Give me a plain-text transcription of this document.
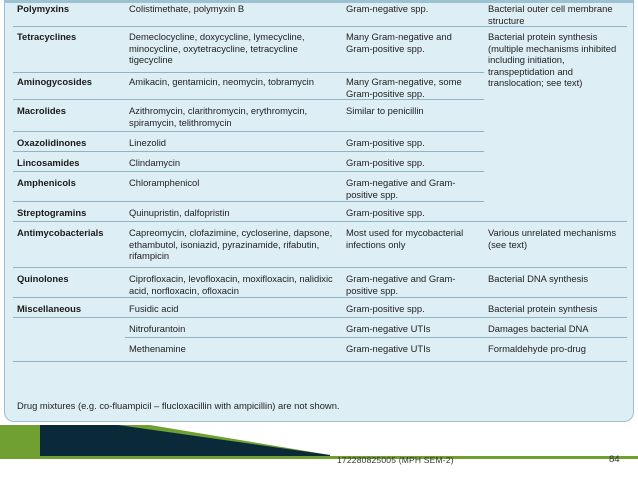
Polymyxins	Colistimethate, polymyxin B	Gram-negative spp.	Bacterial outer cell membrane structure
Tetracyclines	Demeclocycline, doxycycline, lymecycline, minocycline, oxytetracycline, tetracycline tigecycline	Many Gram-negative and Gram-positive spp.	Bacterial protein synthesis (multiple mechanisms inhibited including initiation, transpeptidation and translocation; see text)
Aminogycosides	Amikacin, gentamicin, neomycin, tobramycin	Many Gram-negative, some Gram-positive spp.	
Macrolides	Azithromycin, clarithromycin, erythromycin, spiramycin, telithromycin	Similar to penicillin	
Oxazolidinones	Linezolid	Gram-positive spp.	
Lincosamides	Clindamycin	Gram-positive spp.	
Amphenicols	Chloramphenicol	Gram-negative and Gram-positive spp.	
Streptogramins	Quinupristin, dalfopristin	Gram-positive spp.	
Antimycobacterials	Capreomycin, clofazimine, cycloserine, dapsone, ethambutol, isoniazid, pyrazinamide, rifabutin, rifampicin	Most used for mycobacterial infections only	Various unrelated mechanisms (see text)
Quinolones	Ciprofloxacin, levofloxacin, moxifloxacin, nalidixic acid, norfloxacin, ofloxacin	Gram-negative and Gram-positive spp.	Bacterial DNA synthesis
Miscellaneous	Fusidic acid	Gram-positive spp.	Bacterial protein synthesis
	Nitrofurantoin	Gram-negative UTIs	Damages bacterial DNA
	Methenamine	Gram-negative UTIs	Formaldehyde pro-drug
Drug mixtures (e.g. co-fluampicil – flucloxacillin with ampicillin) are not shown.
172280825005 (MPH SEM-2)	84
